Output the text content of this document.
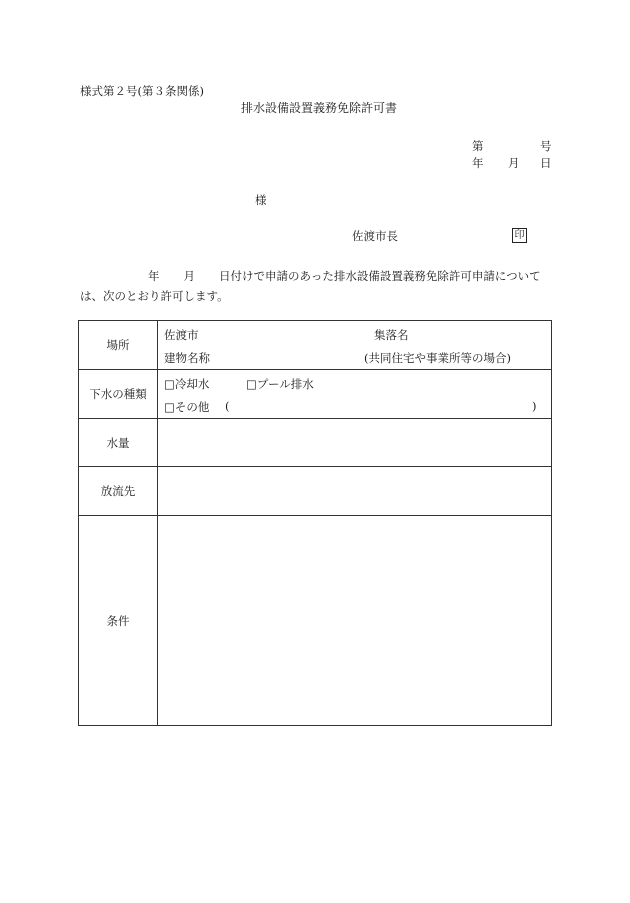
様式第２号(第３条関係)
排水設備設置義務免除許可書
第	号
年 月 日
様
佐渡市長	印
年 月 日付けで申請のあった排水設備設置義務免除許可申請について
は、次のとおり許可します。
場所	佐渡市 集落名
建物名称 (共同住宅や事業所等の場合)

下水の種類	□冷却水 □プール排水
□その他 ( )

水量	
放流先	
条件	
